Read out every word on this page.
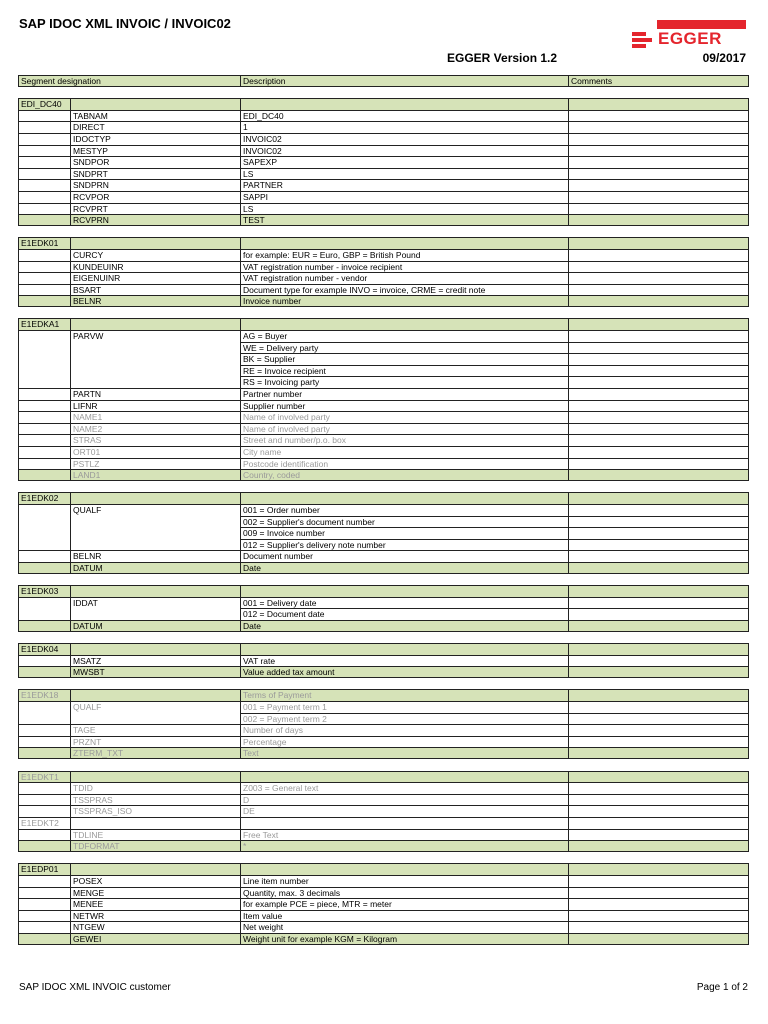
SAP IDOC XML INVOIC / INVOIC02
EGGER
EGGER Version 1.2	09/2017
Segment designation	Description	Comments
EDI_DC40
TABNAM	EDI_DC40
DIRECT	1
IDOCTYP	INVOIC02
MESTYP	INVOIC02
SNDPOR	SAPEXP
SNDPRT	LS
SNDPRN	PARTNER
RCVPOR	SAPPI
RCVPRT	LS
RCVPRN	TEST
E1EDK01
CURCY	for example: EUR = Euro, GBP = British Pound
KUNDEUINR	VAT registration number - invoice recipient
EIGENUINR	VAT registration number - vendor
BSART	Document type for example INVO = invoice, CRME = credit note
BELNR	Invoice number
E1EDKA1
PARVW	AG = Buyer
WE = Delivery party
BK = Supplier
RE = Invoice recipient
RS = Invoicing party
PARTN	Partner number
LIFNR	Supplier number
NAME1	Name of involved party
NAME2	Name of involved party
STRAS	Street and number/p.o. box
ORT01	City name
PSTLZ	Postcode identification
LAND1	Country, coded
E1EDK02
QUALF	001 = Order number
002 = Supplier's document number
009 = Invoice number
012 = Supplier's delivery note number
BELNR	Document number
DATUM	Date
E1EDK03
IDDAT	001 = Delivery date
012 = Document date
DATUM	Date
E1EDK04
MSATZ	VAT rate
MWSBT	Value added tax amount
E1EDK18	Terms of Payment
QUALF	001 = Payment term 1
002 = Payment term 2
TAGE	Number of days
PRZNT	Percentage
ZTERM_TXT	Text
E1EDKT1
TDID	Z003 = General text
TSSPRAS	D
TSSPRAS_ISO	DE
E1EDKT2
TDLINE	Free Text
TDFORMAT	*
E1EDP01
POSEX	Line item number
MENGE	Quantity, max. 3 decimals
MENEE	for example PCE = piece, MTR = meter
NETWR	Item value
NTGEW	Net weight
GEWEI	Weight unit for example KGM = Kilogram
SAP IDOC XML INVOIC customer	Page 1 of 2
